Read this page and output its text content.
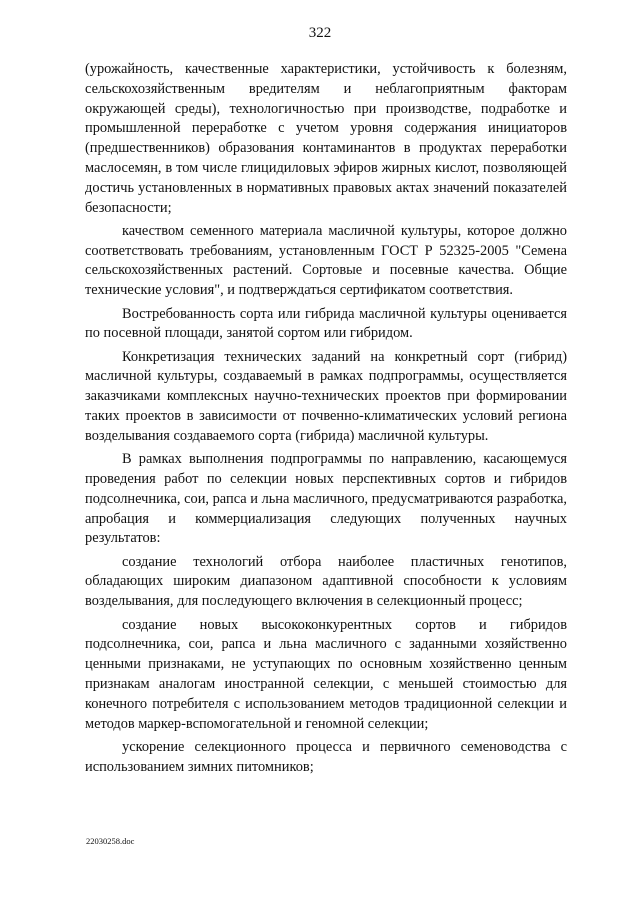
322

(урожайность, качественные характеристики, устойчивость к болезням, сельскохозяйственным вредителям и неблагоприятным факторам окружающей среды), технологичностью при производстве, подработке и промышленной переработке с учетом уровня содержания инициаторов (предшественников) образования контаминантов в продуктах переработки маслосемян, в том числе глицидиловых эфиров жирных кислот, позволяющей достичь установленных в нормативных правовых актах значений показателей безопасности;

качеством семенного материала масличной культуры, которое должно соответствовать требованиям, установленным ГОСТ Р 52325-2005 "Семена сельскохозяйственных растений. Сортовые и посевные качества. Общие технические условия", и подтверждаться сертификатом соответствия.

Востребованность сорта или гибрида масличной культуры оценивается по посевной площади, занятой сортом или гибридом.

Конкретизация технических заданий на конкретный сорт (гибрид) масличной культуры, создаваемый в рамках подпрограммы, осуществляется заказчиками комплексных научно-технических проектов при формировании таких проектов в зависимости от почвенно-климатических условий региона возделывания создаваемого сорта (гибрида) масличной культуры.

В рамках выполнения подпрограммы по направлению, касающемуся проведения работ по селекции новых перспективных сортов и гибридов подсолнечника, сои, рапса и льна масличного, предусматриваются разработка, апробация и коммерциализация следующих полученных научных результатов:

создание технологий отбора наиболее пластичных генотипов, обладающих широким диапазоном адаптивной способности к условиям возделывания, для последующего включения в селекционный процесс;

создание новых высококонкурентных сортов и гибридов подсолнечника, сои, рапса и льна масличного с заданными хозяйственно ценными признаками, не уступающих по основным хозяйственно ценным признакам аналогам иностранной селекции, с меньшей стоимостью для конечного потребителя с использованием методов традиционной селекции и методов маркер-вспомогательной и геномной селекции;

ускорение селекционного процесса и первичного семеноводства с использованием зимних питомников;

22030258.doc
